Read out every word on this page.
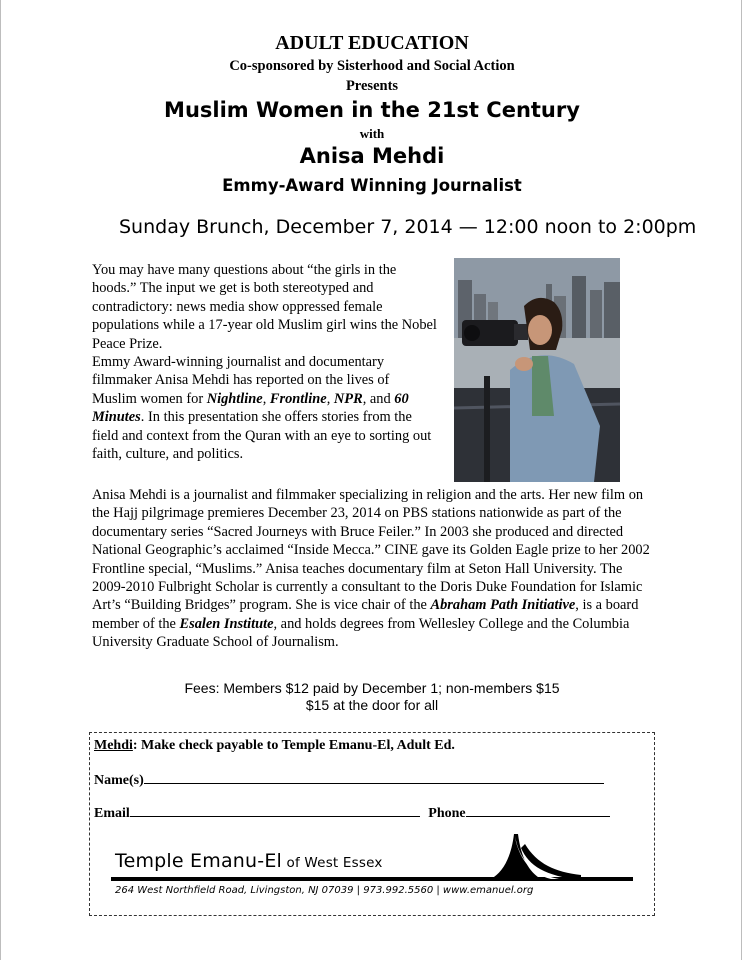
ADULT EDUCATION
Co-sponsored by Sisterhood and Social Action
Presents
Muslim Women in the 21st Century
with
Anisa Mehdi
Emmy-Award Winning Journalist
Sunday Brunch, December 7, 2014 — 12:00 noon to 2:00pm

You may have many questions about “the girls in the hoods.” The input we get is both stereotyped and contradictory: news media show oppressed female populations while a 17-year old Muslim girl wins the Nobel Peace Prize.

Emmy Award-winning journalist and documentary filmmaker Anisa Mehdi has reported on the lives of Muslim women for Nightline, Frontline, NPR, and 60 Minutes. In this presentation she offers stories from the field and context from the Quran with an eye to sorting out faith, culture, and politics.

Anisa Mehdi is a journalist and filmmaker specializing in religion and the arts. Her new film on the Hajj pilgrimage premieres December 23, 2014 on PBS stations nationwide as part of the documentary series “Sacred Journeys with Bruce Feiler.” In 2003 she produced and directed National Geographic’s acclaimed “Inside Mecca.” CINE gave its Golden Eagle prize to her 2002 Frontline special, “Muslims.” Anisa teaches documentary film at Seton Hall University. The 2009-2010 Fulbright Scholar is currently a consultant to the Doris Duke Foundation for Islamic Art’s “Building Bridges” program. She is vice chair of the Abraham Path Initiative, is a board member of the Esalen Institute, and holds degrees from Wellesley College and the Columbia University Graduate School of Journalism.

Fees: Members $12 paid by December 1; non-members $15
$15 at the door for all
Mehdi: Make check payable to Temple Emanu-El, Adult Ed.
Name(s)
Email	Phone
Temple Emanu-El of West Essex
264 West Northfield Road, Livingston, NJ 07039 | 973.992.5560 | www.emanuel.org
